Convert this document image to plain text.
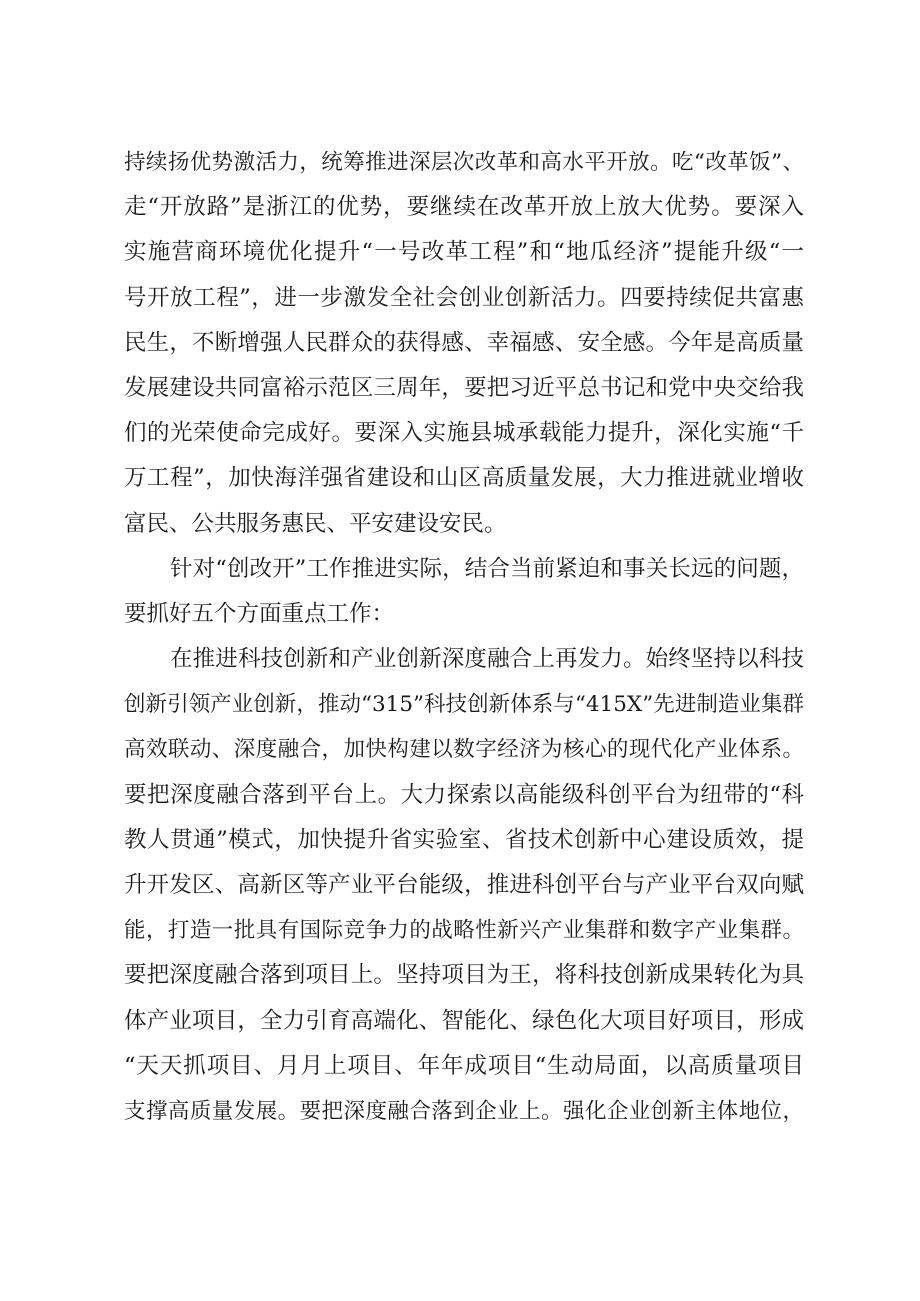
持续扬优势激活力，统筹推进深层次改革和高水平开放。吃“改革饭”、
走“开放路”是浙江的优势，要继续在改革开放上放大优势。要深入
实施营商环境优化提升“一号改革工程”和“地瓜经济”提能升级“一
号开放工程”，进一步激发全社会创业创新活力。四要持续促共富惠
民生，不断增强人民群众的获得感、幸福感、安全感。今年是高质量
发展建设共同富裕示范区三周年，要把习近平总书记和党中央交给我
们的光荣使命完成好。要深入实施县城承载能力提升，深化实施“千
万工程”，加快海洋强省建设和山区高质量发展，大力推进就业增收
富民、公共服务惠民、平安建设安民。
针对“创改开”工作推进实际，结合当前紧迫和事关长远的问题，
要抓好五个方面重点工作：
在推进科技创新和产业创新深度融合上再发力。始终坚持以科技
创新引领产业创新，推动“315”科技创新体系与“415X”先进制造业集群
高效联动、深度融合，加快构建以数字经济为核心的现代化产业体系。
要把深度融合落到平台上。大力探索以高能级科创平台为纽带的“科
教人贯通”模式，加快提升省实验室、省技术创新中心建设质效，提
升开发区、高新区等产业平台能级，推进科创平台与产业平台双向赋
能，打造一批具有国际竞争力的战略性新兴产业集群和数字产业集群。
要把深度融合落到项目上。坚持项目为王，将科技创新成果转化为具
体产业项目，全力引育高端化、智能化、绿色化大项目好项目，形成
“天天抓项目、月月上项目、年年成项目“生动局面，以高质量项目
支撑高质量发展。要把深度融合落到企业上。强化企业创新主体地位，
